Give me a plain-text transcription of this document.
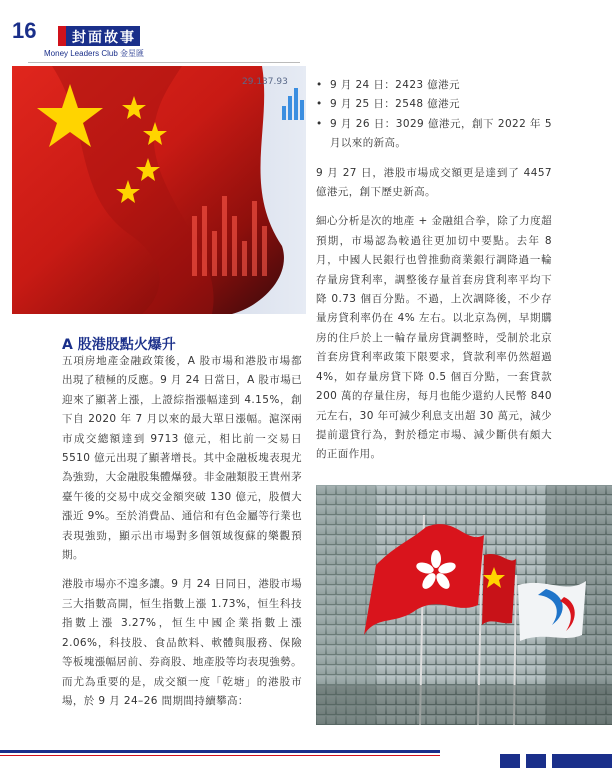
16	封面故事
Money Leaders Club 金星匯
29.137.93
A 股港股點火爆升

五項房地產金融政策後，A 股市場和港股市場都出現了積極的反應。9 月 24 日當日，A 股市場已迎來了顯著上漲，上證綜指漲幅達到 4.15%，創下自 2020 年 7 月以來的最大單日漲幅。滬深兩市成交總額達到 9713 億元，相比前一交易日 5510 億元出現了顯著增長。其中金融板塊表現尤為強勁，大金融股集體爆發。非金融類股王貴州茅臺午後的交易中成交金額突破 130 億元，股價大漲近 9%。至於消費品、通信和有色金屬等行業也表現強勁，顯示出市場對多個領域復蘇的樂觀預期。

港股市場亦不遑多讓。9 月 24 日同日，港股市場三大指數高開，恒生指數上漲 1.73%，恒生科技指數上漲 3.27%，恒生中國企業指數上漲 2.06%，科技股、食品飲料、軟體與服務、保險等板塊漲幅居前、券商股、地產股等均表現強勢。而尤為重要的是，成交額一度「乾塘」的港股市場，於 9 月 24–26 間期間持續攀高：

• 9 月 24 日：2423 億港元
• 9 月 25 日：2548 億港元
• 9 月 26 日：3029 億港元，創下 2022 年 5 月以來的新高。

9 月 27 日，港股市場成交額更是達到了 4457 億港元，創下歷史新高。

細心分析是次的地產 + 金融組合拳，除了力度超預期，市場認為較過往更加切中要點。去年 8 月，中國人民銀行也曾推動商業銀行調降過一輪存量房貸利率，調整後存量首套房貸利率平均下降 0.73 個百分點。不過，上次調降後，不少存量房貸利率仍在 4% 左右。以北京為例，早期購房的住戶於上一輪存量房貸調整時，受制於北京首套房貸利率政策下限要求，貸款利率仍然超過 4%，如存量房貸下降 0.5 個百分點，一套貸款 200 萬的存量住房，每月也能少還約人民幣 840 元左右，30 年可減少利息支出超 30 萬元，減少提前還貸行為，對於穩定市場、減少斷供有頗大的正面作用。
